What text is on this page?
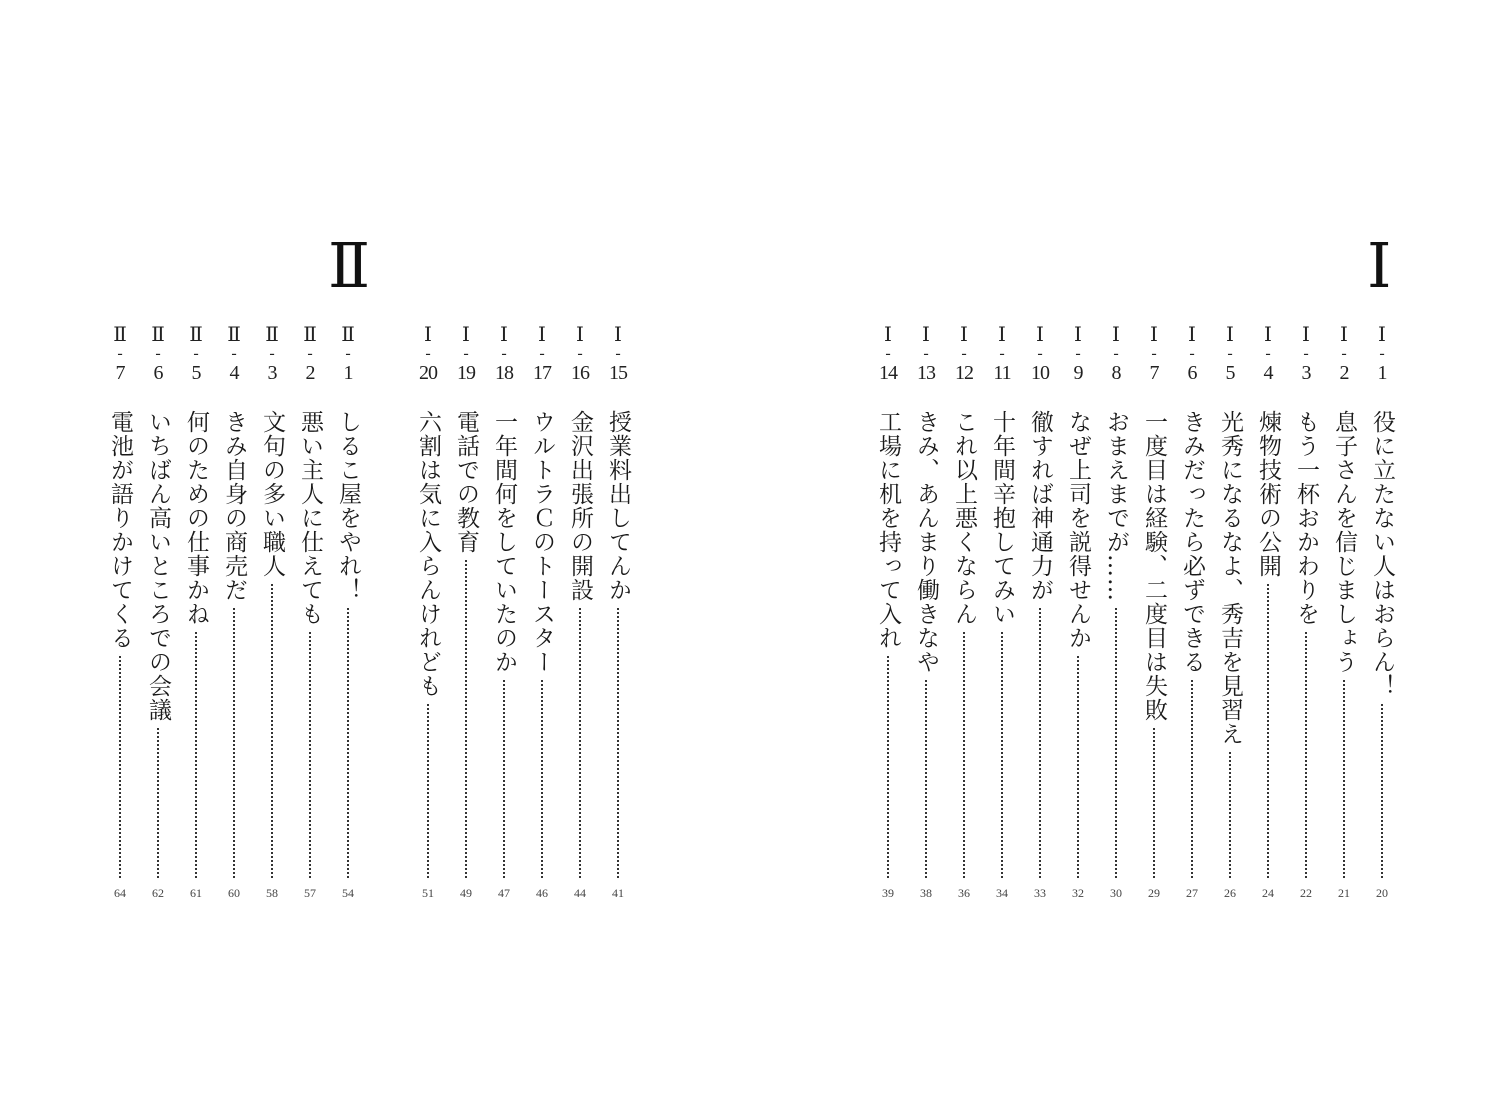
Ⅰ
Ⅱ
Ⅰ
-
1
役に立たない人はおらん！
20
Ⅰ
-
2
息子さんを信じましょう
21
Ⅰ
-
3
もう一杯おかわりを
22
Ⅰ
-
4
煉物技術の公開
24
Ⅰ
-
5
光秀になるなよ、秀吉を見習え
26
Ⅰ
-
6
きみだったら必ずできる
27
Ⅰ
-
7
一度目は経験、二度目は失敗
29
Ⅰ
-
8
おまえまでが……
30
Ⅰ
-
9
なぜ上司を説得せんか
32
Ⅰ
-
10
徹すれば神通力が
33
Ⅰ
-
11
十年間辛抱してみい
34
Ⅰ
-
12
これ以上悪くならん
36
Ⅰ
-
13
きみ、あんまり働きなや
38
Ⅰ
-
14
工場に机を持って入れ
39
Ⅰ
-
15
授業料出してんか
41
Ⅰ
-
16
金沢出張所の開設
44
Ⅰ
-
17
ウルトラＣのトースター
46
Ⅰ
-
18
一年間何をしていたのか
47
Ⅰ
-
19
電話での教育
49
Ⅰ
-
20
六割は気に入らんけれども
51
Ⅱ
-
1
しるこ屋をやれ！
54
Ⅱ
-
2
悪い主人に仕えても
57
Ⅱ
-
3
文句の多い職人
58
Ⅱ
-
4
きみ自身の商売だ
60
Ⅱ
-
5
何のための仕事かね
61
Ⅱ
-
6
いちばん高いところでの会議
62
Ⅱ
-
7
電池が語りかけてくる
64
